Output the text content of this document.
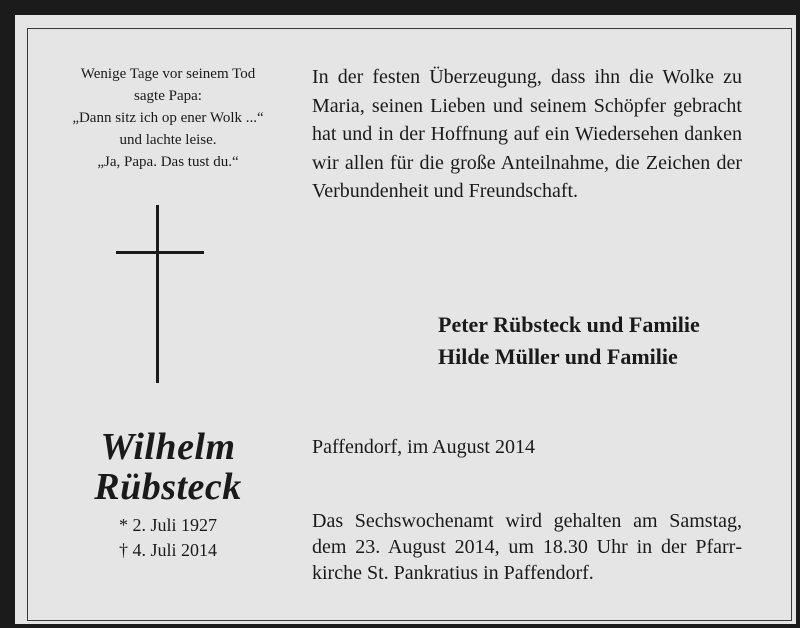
Wenige Tage vor seinem Tod
sagte Papa:
„Dann sitz ich op ener Wolk ...“
und lachte leise.
„Ja, Papa. Das tust du.“
Wilhelm
Rübsteck
* 2. Juli 1927
† 4. Juli 2014
In der festen Überzeugung, dass ihn die Wolke zu Maria, seinen Lieben und seinem Schöpfer gebracht hat und in der Hoffnung auf ein Wiedersehen danken wir allen für die große Anteilnahme, die Zeichen der Verbundenheit und Freundschaft.
Peter Rübsteck und Familie
Hilde Müller und Familie
Paffendorf, im August 2014
Das Sechswochenamt wird gehalten am Samstag, dem 23. August 2014, um 18.30 Uhr in der Pfarrkirche St. Pankratius in Paffendorf.
